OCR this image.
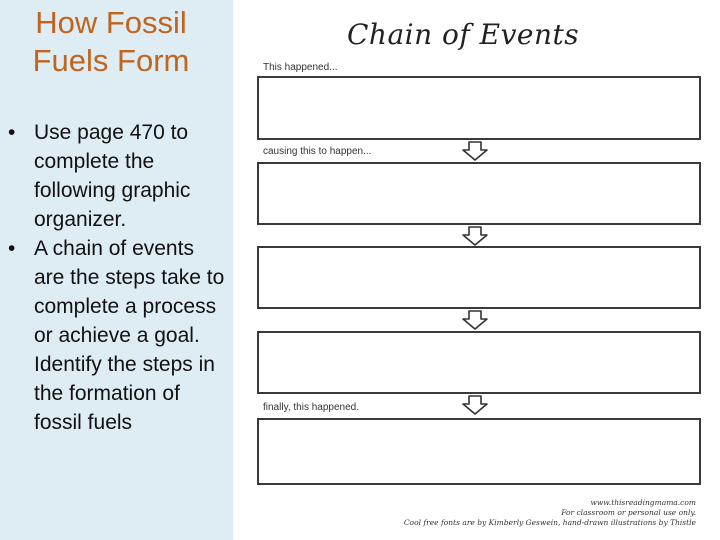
How Fossil
Fuels Form
• Use page 470 to complete the following graphic organizer.
• A chain of events are the steps take to complete a process or achieve a goal. Identify the steps in the formation of fossil fuels
Chain of Events
This happened...
causing this to happen...
finally, this happened.
www.thisreadingmama.com
For classroom or personal use only.
Cool free fonts are by Kimberly Geswein, hand-drawn illustrations by Thistle
